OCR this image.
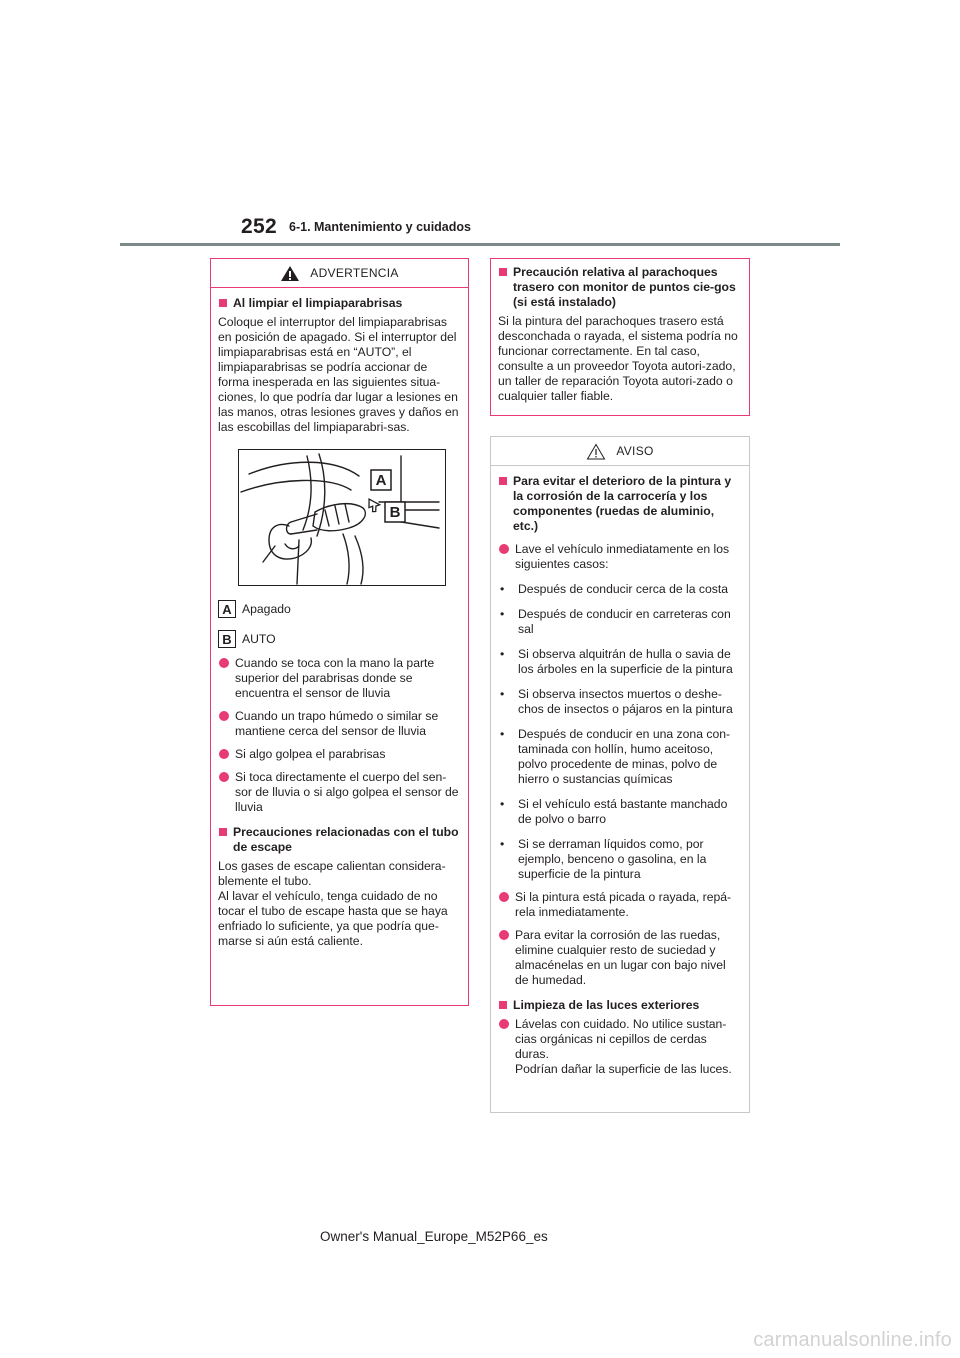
252 6-1. Mantenimiento y cuidados
ADVERTENCIA
Al limpiar el limpiaparabrisas
Coloque el interruptor del limpiaparabrisas en posición de apagado. Si el interruptor del limpiaparabrisas está en “AUTO”, el limpiaparabrisas se podría accionar de forma inesperada en las siguientes situa-ciones, lo que podría dar lugar a lesiones en las manos, otras lesiones graves y daños en las escobillas del limpiaparabri-sas.
A
B
A Apagado
B AUTO
Cuando se toca con la mano la parte superior del parabrisas donde se encuentra el sensor de lluvia
Cuando un trapo húmedo o similar se mantiene cerca del sensor de lluvia
Si algo golpea el parabrisas
Si toca directamente el cuerpo del sen-sor de lluvia o si algo golpea el sensor de lluvia
Precauciones relacionadas con el tubo de escape
Los gases de escape calientan considera-blemente el tubo.
Al lavar el vehículo, tenga cuidado de no tocar el tubo de escape hasta que se haya enfriado lo suficiente, ya que podría que-marse si aún está caliente.
Precaución relativa al parachoques trasero con monitor de puntos cie-gos (si está instalado)
Si la pintura del parachoques trasero está desconchada o rayada, el sistema podría no funcionar correctamente. En tal caso, consulte a un proveedor Toyota autori-zado, un taller de reparación Toyota autori-zado o cualquier taller fiable.
AVISO
Para evitar el deterioro de la pintura y la corrosión de la carrocería y los componentes (ruedas de aluminio, etc.)
Lave el vehículo inmediatamente en los siguientes casos:
•	Después de conducir cerca de la costa
•	Después de conducir en carreteras con sal
•	Si observa alquitrán de hulla o savia de los árboles en la superficie de la pintura
•	Si observa insectos muertos o deshe-chos de insectos o pájaros en la pintura
•	Después de conducir en una zona con-taminada con hollín, humo aceitoso, polvo procedente de minas, polvo de hierro o sustancias químicas
•	Si el vehículo está bastante manchado de polvo o barro
•	Si se derraman líquidos como, por ejemplo, benceno o gasolina, en la superficie de la pintura
Si la pintura está picada o rayada, repá-rela inmediatamente.
Para evitar la corrosión de las ruedas, elimine cualquier resto de suciedad y almacénelas en un lugar con bajo nivel de humedad.
Limpieza de las luces exteriores
Lávelas con cuidado. No utilice sustan-cias orgánicas ni cepillos de cerdas duras.
Podrían dañar la superficie de las luces.
Owner's Manual_Europe_M52P66_es
carmanualsonline.info
